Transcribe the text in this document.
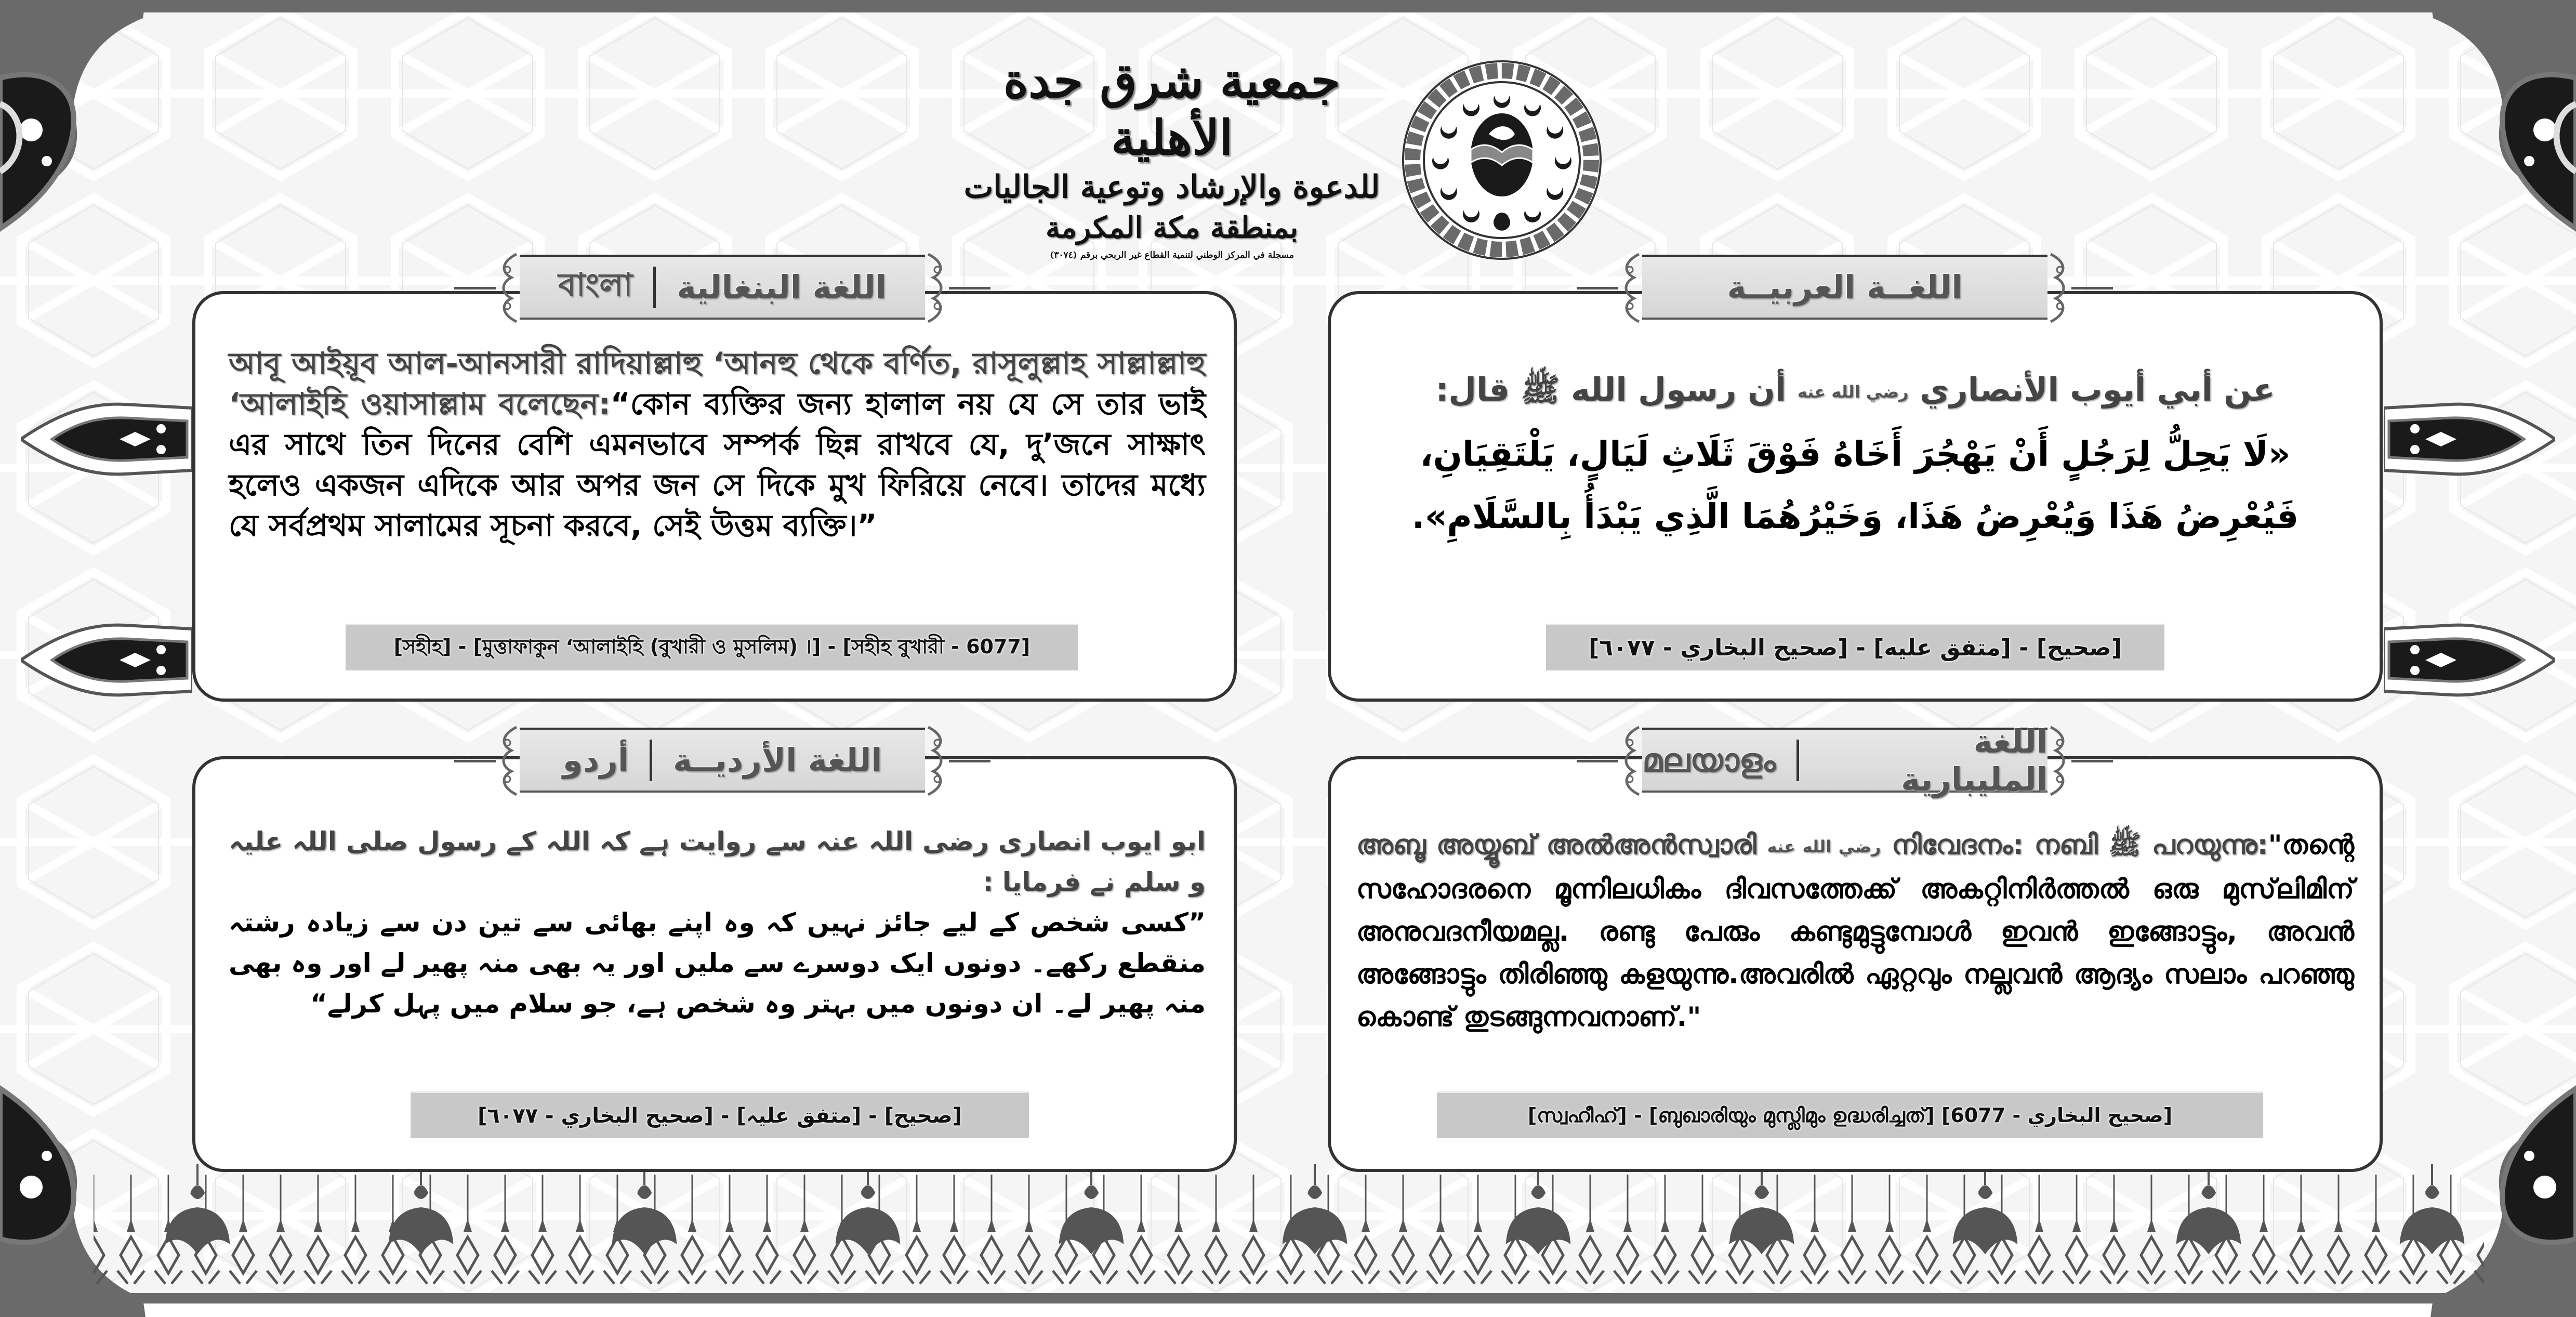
جمعية شرق جدة الأهلية
للدعوة والإرشاد وتوعية الجاليات
بمنطقة مكة المكرمة
مسجلة في المركز الوطني لتنمية القطاع غير الربحي برقم (٣٠٧٤)
বাংলা اللغة البنغالية
আবূ আইয়ূব আল-আনসারী রাদিয়াল্লাহু ‘আনহু থেকে বর্ণিত, রাসূলুল্লাহ সাল্লাল্লাহু ‘আলাইহি ওয়াসাল্লাম বলেছেন:“কোন ব্যক্তির জন্য হালাল নয় যে সে তার ভাই এর সাথে তিন দিনের বেশি এমনভাবে সম্পর্ক ছিন্ন রাখবে যে, দু’জনে সাক্ষাৎ হলেও একজন এদিকে আর অপর জন সে দিকে মুখ ফিরিয়ে নেবে। তাদের মধ্যে যে সর্বপ্রথম সালামের সূচনা করবে, সেই উত্তম ব্যক্তি।”
[সহীহ] - [মুত্তাফাকুন ‘আলাইহি (বুখারী ও মুসলিম) ।] - [সহীহ বুখারী - 6077]
اللغــة العربيــة
عن أبي أيوب الأنصاري رضي الله عنه أن رسول الله ﷺ قال:
«لَا يَحِلُّ لِرَجُلٍ أَنْ يَهْجُرَ أَخَاهُ فَوْقَ ثَلَاثِ لَيَالٍ، يَلْتَقِيَانِ، فَيُعْرِضُ هَذَا وَيُعْرِضُ هَذَا، وَخَيْرُهُمَا الَّذِي يَبْدَأُ بِالسَّلَامِ».
[صحيح] - [متفق عليه] - [صحيح البخاري - ٦٠٧٧]
أردو اللغة الأرديــة
ابو ایوب انصاری رضی اللہ عنہ سے روایت ہے کہ اللہ کے رسول صلی اللہ علیہ و سلم نے فرمایا :
”کسی شخص کے لیے جائز نہیں کہ وہ اپنے بھائی سے تین دن سے زیادہ رشتہ منقطع رکھے۔ دونوں ایک دوسرے سے ملیں اور یہ بھی منہ پھیر لے اور وہ بھی منہ پھیر لے۔ ان دونوں میں بہتر وہ شخص ہے، جو سلام میں پہل کرلے“
[صحیح] - [متفق علیہ] - [صحيح البخاري - ٦٠٧٧]
മലയാളം	اللغة المليبارية
അബൂ അയ്യൂബ് അൽഅൻസ്വാരി رضي الله عنه നിവേദനം: നബി ﷺ പറയുന്നു:"തന്റെ സഹോദരനെ മൂന്നിലധികം ദിവസത്തേക്ക് അകറ്റിനിർത്തൽ ഒരു മുസ്‌ലിമിന് അനുവദനീയമല്ല. രണ്ടു പേരും കണ്ടുമുട്ടുമ്പോൾ ഇവൻ ഇങ്ങോട്ടും, അവൻ അങ്ങോട്ടും തിരിഞ്ഞു കളയുന്നു.അവരിൽ ഏറ്റവും നല്ലവൻ ആദ്യം സലാം പറഞ്ഞു കൊണ്ട് തുടങ്ങുന്നവനാണ്."
[സ്വഹീഹ്] - [ബുഖാരിയും മുസ്ലിമും ഉദ്ധരിച്ചത്] [صحيح البخاري - 6077]
